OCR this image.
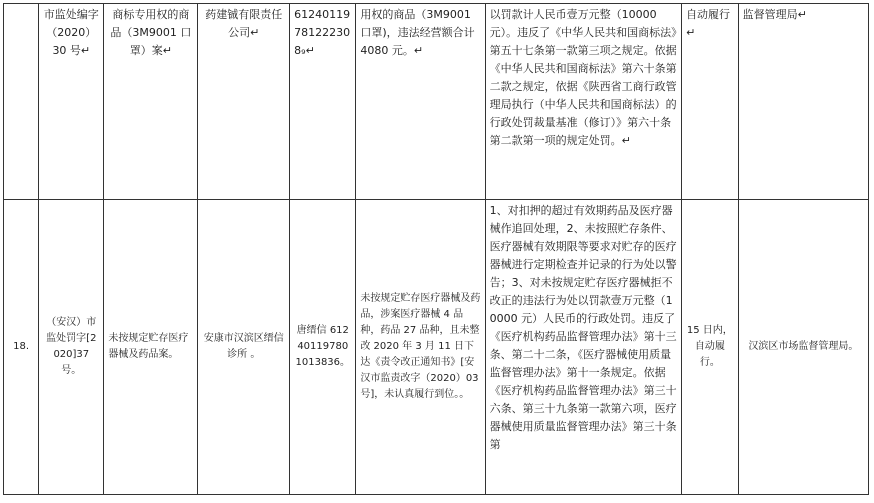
	市监处编字（2020）30 号↵	商标专用权的商品（3M9001 口罩）案↵	药建铖有限责任公司↵	61240119781222308₉↵	用权的商品（3M9001 口罩)，违法经营额合计 4080 元。↵	以罚款计人民币壹万元整（10000 元）。违反了《中华人民共和国商标法》第五十七条第一款第三项之规定。依据《中华人民共和国商标法》第六十条第二款之规定，依据《陕西省工商行政管理局执行（中华人民共和国商标法）的行政处罚裁量基准（修订）》第六十条第二款第一项的规定处罚。↵	自动履行↵	监督管理局↵
18.	（安汉）市监处罚字[2020]37 号。	未按规定贮存医疗器械及药品案。	安康市汉滨区缙信诊所 。	唐缙信 61240119780 1013836。	未按规定贮存医疗器械及药品，涉案医疗器械 4 品种，药品 27 品种，且未整改 2020 年 3 月 11 日下达《责令改正通知书》[安汉市监责改字（2020）03 号]，未认真履行到位。。	1、对扣押的超过有效期药品及医疗器械作追回处理，2、未按照贮存条件、医疗器械有效期限等要求对贮存的医疗器械进行定期检查并记录的行为处以警告；3、对未按规定贮存医疗器械拒不改正的违法行为处以罚款壹万元整（10000 元）人民币的行政处罚。违反了《医疗机构药品监督管理办法》第十三条、第二十二条，《医疗器械使用质量监督管理办法》第十一条规定。依据《医疗机构药品监督管理办法》第三十六条、第三十九条第一款第六项，医疗器械使用质量监督管理办法》第三十条第	15 日内，自动履行。	汉滨区市场监督管理局。
